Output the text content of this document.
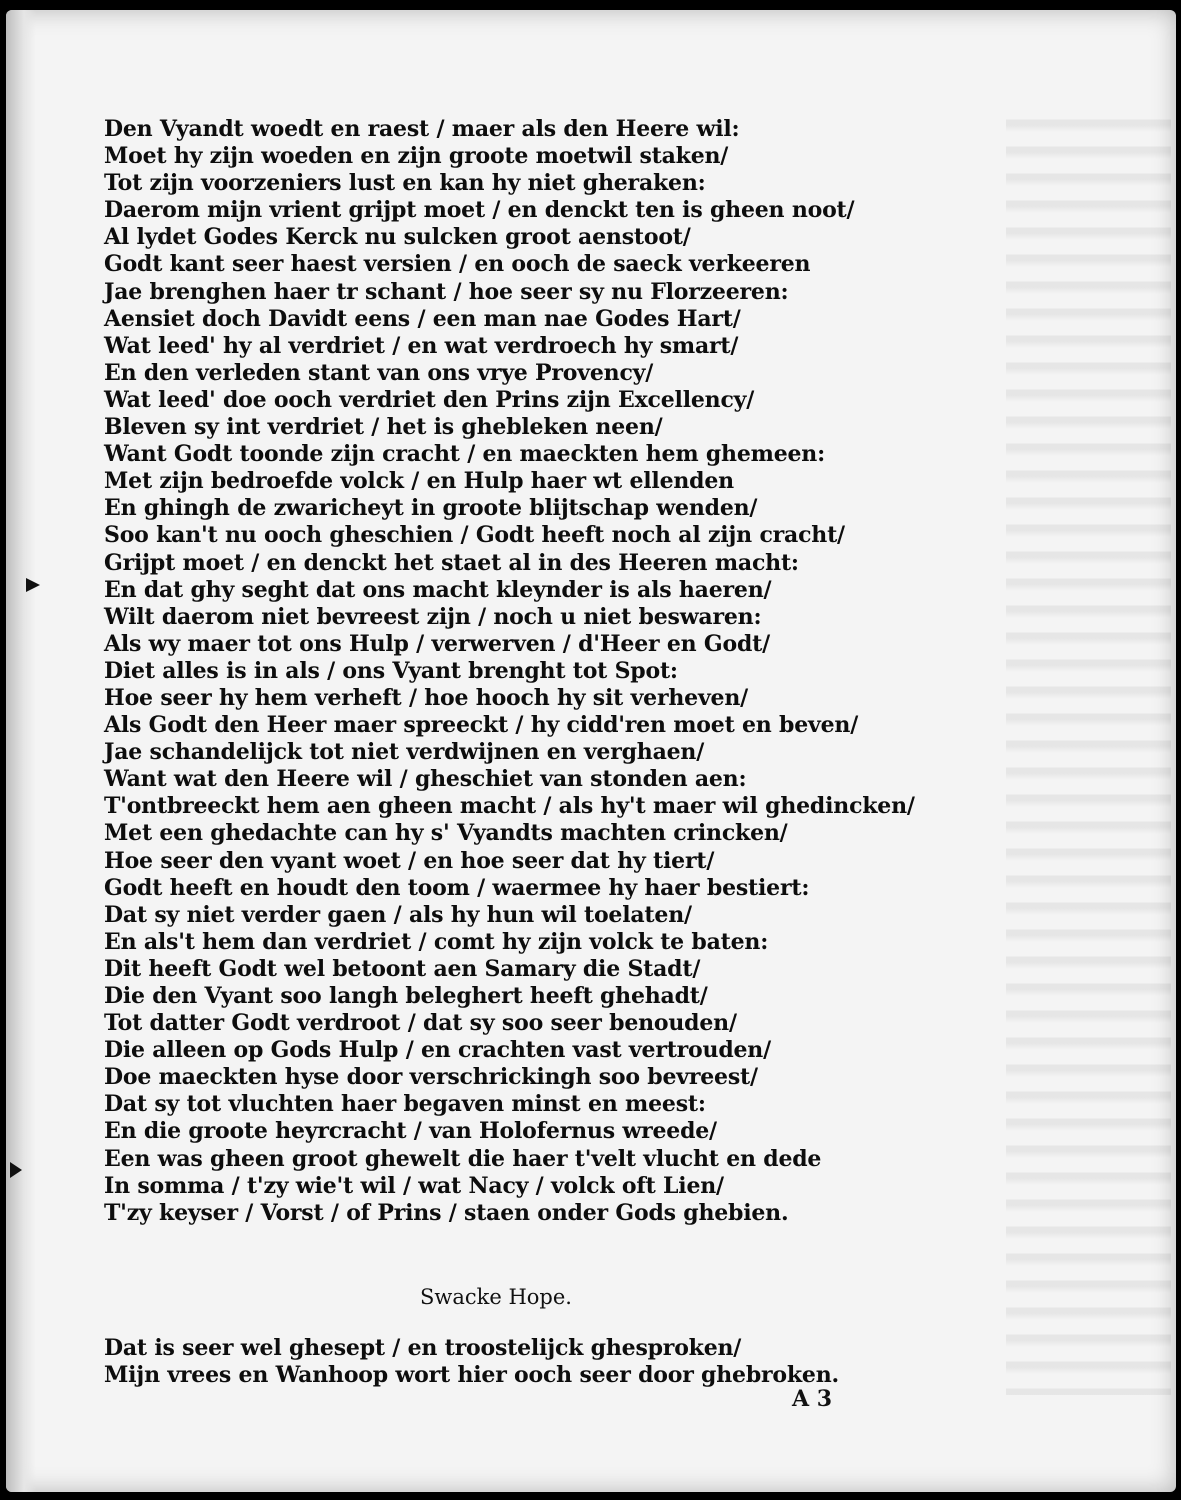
Den Vyandt woedt en raest / maer als den Heere wil:
Moet hy zijn woeden en zijn groote moetwil staken/
Tot zijn voorzeniers lust en kan hy niet gheraken:
Daerom mijn vrient grijpt moet / en denckt ten is gheen noot/
Al lydet Godes Kerck nu sulcken groot aenstoot/
Godt kant seer haest versien / en ooch de saeck verkeeren
Jae brenghen haer tr schant / hoe seer sy nu Florzeeren:
Aensiet doch Davidt eens / een man nae Godes Hart/
Wat leed' hy al verdriet / en wat verdroech hy smart/
En den verleden stant van ons vrye Provency/
Wat leed' doe ooch verdriet den Prins zijn Excellency/
Bleven sy int verdriet / het is ghebleken neen/
Want Godt toonde zijn cracht / en maeckten hem ghemeen:
Met zijn bedroefde volck / en Hulp haer wt ellenden
En ghingh de zwaricheyt in groote blijtschap wenden/
Soo kan't nu ooch gheschien / Godt heeft noch al zijn cracht/
Grijpt moet / en denckt het staet al in des Heeren macht:
En dat ghy seght dat ons macht kleynder is als haeren/
Wilt daerom niet bevreest zijn / noch u niet beswaren:
Als wy maer tot ons Hulp / verwerven / d'Heer en Godt/
Diet alles is in als / ons Vyant brenght tot Spot:
Hoe seer hy hem verheft / hoe hooch hy sit verheven/
Als Godt den Heer maer spreeckt / hy cidd'ren moet en beven/
Jae schandelijck tot niet verdwijnen en verghaen/
Want wat den Heere wil / gheschiet van stonden aen:
T'ontbreeckt hem aen gheen macht / als hy't maer wil ghedincken/
Met een ghedachte can hy s' Vyandts machten crincken/
Hoe seer den vyant woet / en hoe seer dat hy tiert/
Godt heeft en houdt den toom / waermee hy haer bestiert:
Dat sy niet verder gaen / als hy hun wil toelaten/
En als't hem dan verdriet / comt hy zijn volck te baten:
Dit heeft Godt wel betoont aen Samary die Stadt/
Die den Vyant soo langh beleghert heeft ghehadt/
Tot datter Godt verdroot / dat sy soo seer benouden/
Die alleen op Gods Hulp / en crachten vast vertrouden/
Doe maeckten hyse door verschrickingh soo bevreest/
Dat sy tot vluchten haer begaven minst en meest:
En die groote heyrcracht / van Holofernus wreede/
Een was gheen groot ghewelt die haer t'velt vlucht en dede
In somma / t'zy wie't wil / wat Nacy / volck oft Lien/
T'zy keyser / Vorst / of Prins / staen onder Gods ghebien.
Swacke Hope.
Dat is seer wel ghesept / en troostelijck ghesproken/
Mijn vrees en Wanhoop wort hier ooch seer door ghebroken.
A 3
